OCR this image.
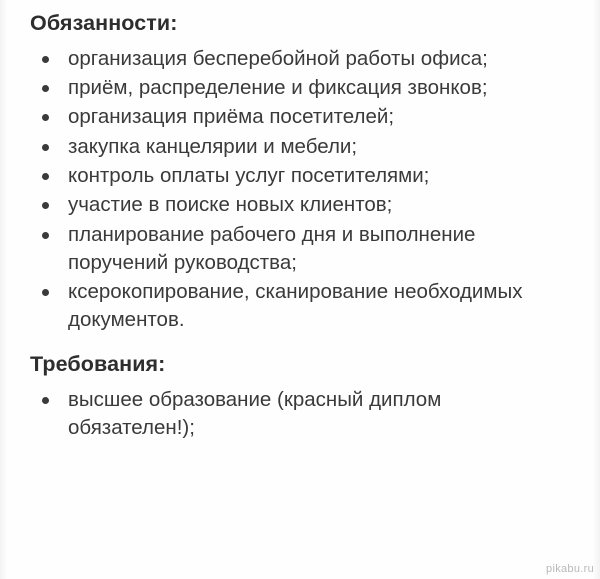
Обязанности:
организация бесперебойной работы офиса;
приём, распределение и фиксация звонков;
организация приёма посетителей;
закупка канцелярии и мебели;
контроль оплаты услуг посетителями;
участие в поиске новых клиентов;
планирование рабочего дня и выполнение поручений руководства;
ксерокопирование, сканирование необходимых документов.
Требования:
высшее образование (красный диплом обязателен!);
pikabu.ru
